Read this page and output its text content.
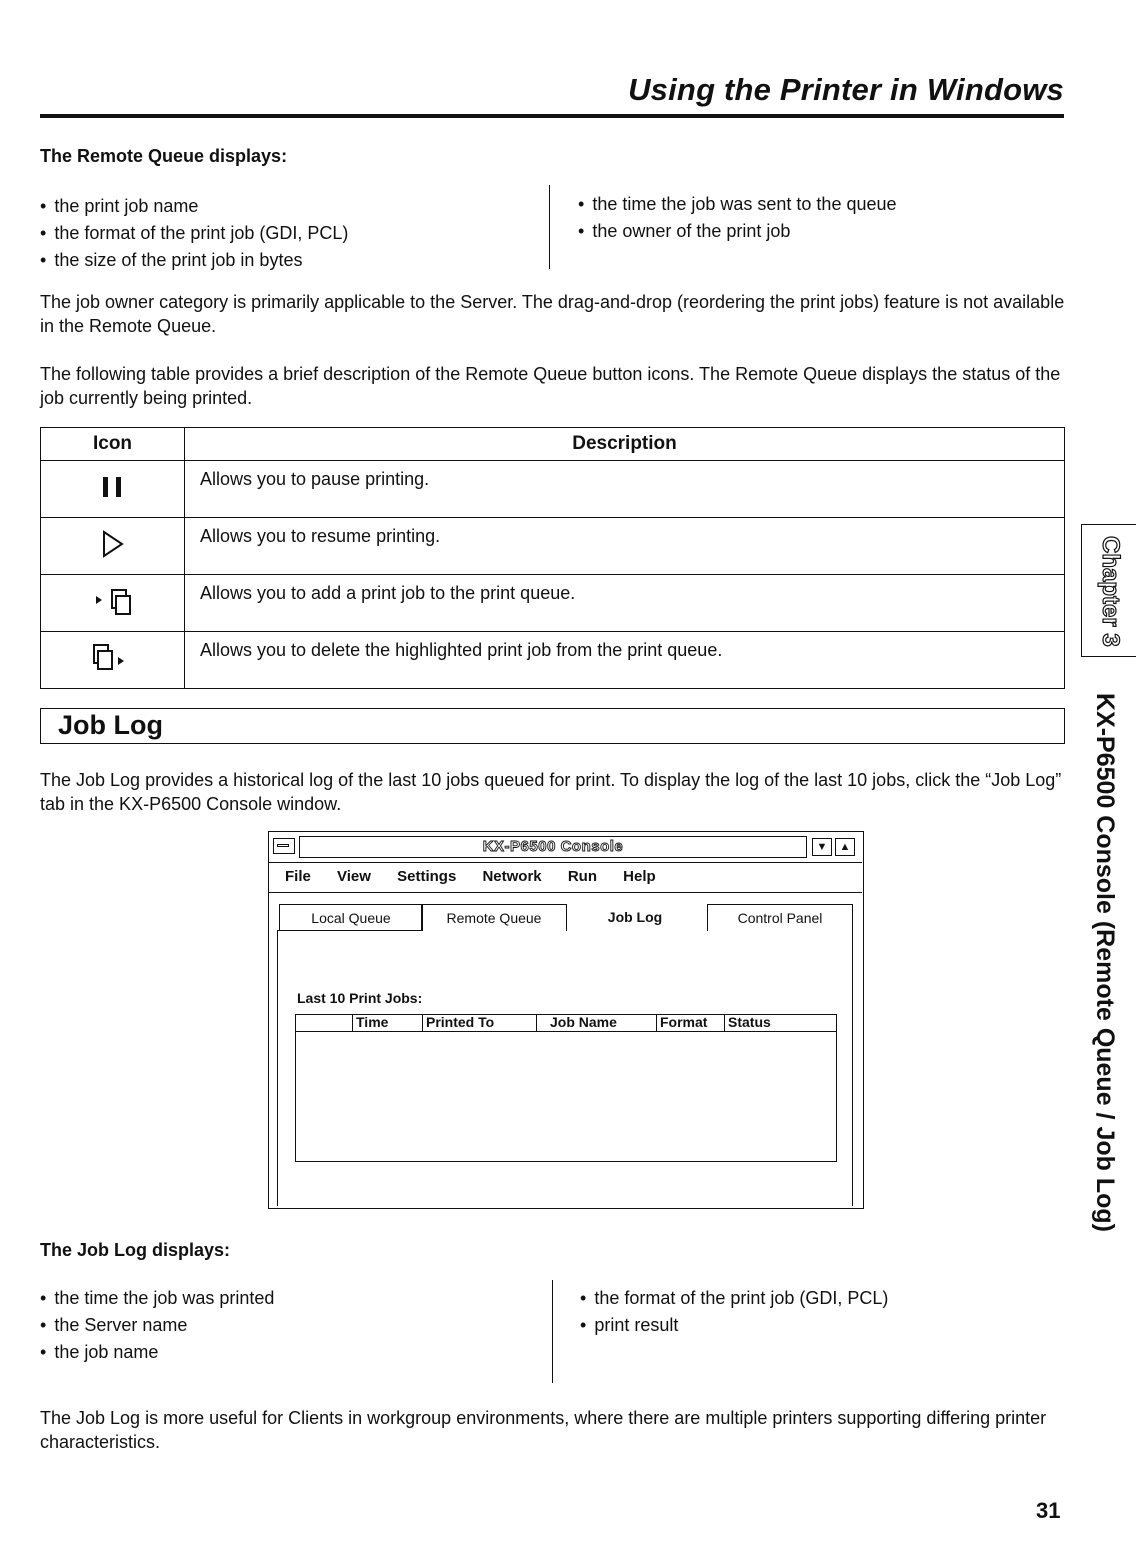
Using the Printer in Windows
The Remote Queue displays:
• the print job name
• the format of the print job (GDI, PCL)
• the size of the print job in bytes
• the time the job was sent to the queue
• the owner of the print job
The job owner category is primarily applicable to the Server. The drag-and-drop (reordering the print jobs) feature is not available in the Remote Queue.
The following table provides a brief description of the Remote Queue button icons. The Remote Queue displays the status of the job currently being printed.
Icon	Description
	Allows you to pause printing.
	Allows you to resume printing.
	Allows you to add a print job to the print queue.
	Allows you to delete the highlighted print job from the print queue.
Chapter 3
KX-P6500 Console (Remote Queue / Job Log)
Job Log
The Job Log provides a historical log of the last 10 jobs queued for print. To display the log of the last 10 jobs, click the “Job Log” tab in the KX-P6500 Console window.
KX-P6500 Console	▼	▲
File View Settings Network Run Help
Local Queue	Remote Queue	Job Log	Control Panel
Last 10 Print Jobs:
Time	Printed To	Job Name	Format Status
The Job Log displays:
• the time the job was printed
• the Server name
• the job name
• the format of the print job (GDI, PCL)
• print result
The Job Log is more useful for Clients in workgroup environments, where there are multiple printers supporting differing printer characteristics.
31
